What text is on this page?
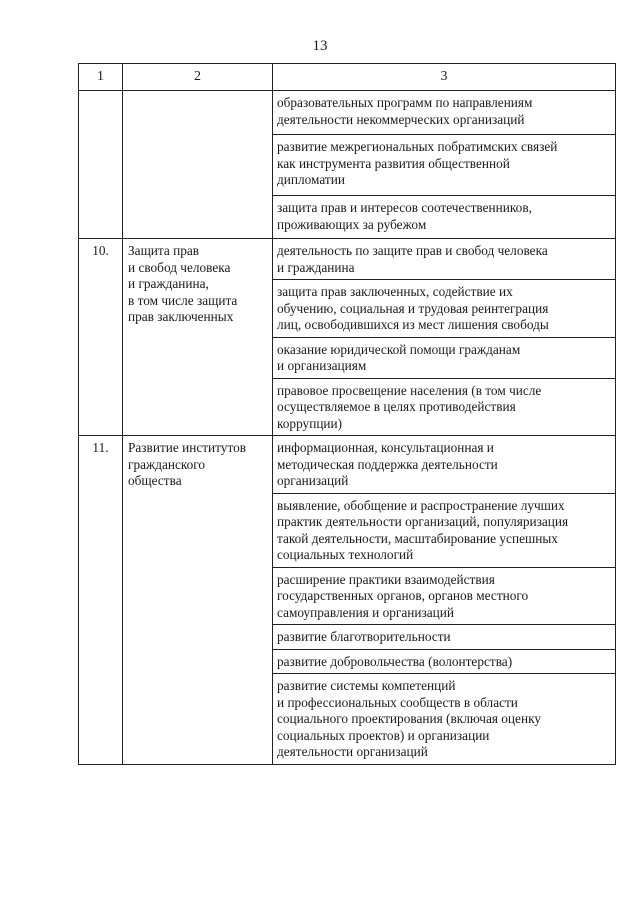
13
1	2	3

		образовательных программ по направлениям
деятельности некоммерческих организаций

		развитие межрегиональных побратимских связей
как инструмента развития общественной
дипломатии

		защита прав и интересов соотечественников,
проживающих за рубежом

10.	Защита прав
и свобод человека
и гражданина,
в том числе защита
прав заключенных	деятельность по защите прав и свобод человека
и гражданина

		защита прав заключенных, содействие их
обучению, социальная и трудовая реинтеграция
лиц, освободившихся из мест лишения свободы

		оказание юридической помощи гражданам
и организациям

		правовое просвещение населения (в том числе
осуществляемое в целях противодействия
коррупции)

11.	Развитие институтов
гражданского
общества	информационная, консультационная и
методическая поддержка деятельности
организаций

		выявление, обобщение и распространение лучших
практик деятельности организаций, популяризация
такой деятельности, масштабирование успешных
социальных технологий

		расширение практики взаимодействия
государственных органов, органов местного
самоуправления и организаций

		развитие благотворительности

		развитие добровольчества (волонтерства)

		развитие системы компетенций
и профессиональных сообществ в области
социального проектирования (включая оценку
социальных проектов) и организации
деятельности организаций
